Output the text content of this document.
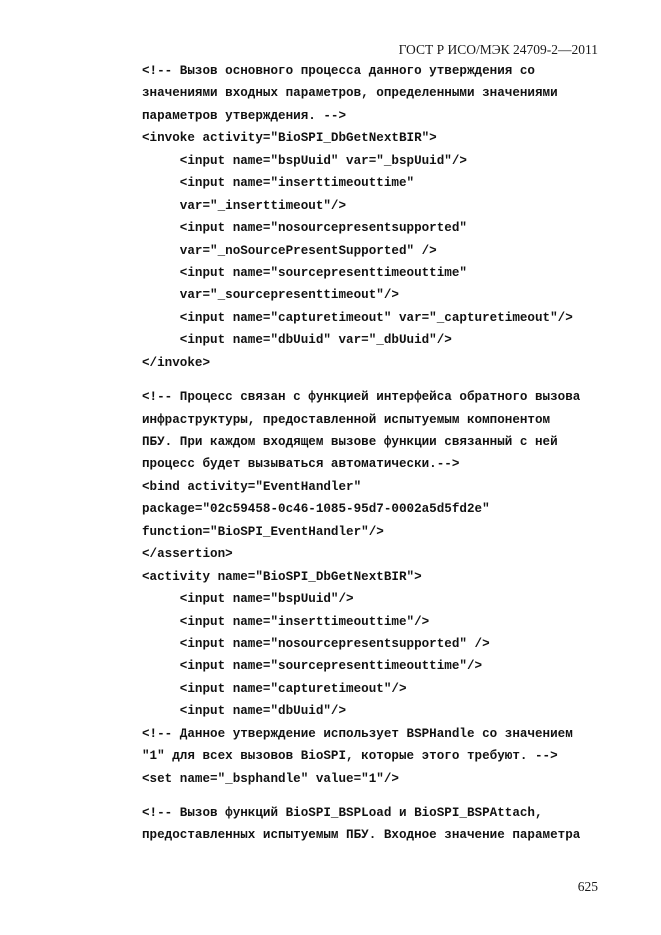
ГОСТ Р ИСО/МЭК 24709-2—2011
<!-- Вызов основного процесса данного утверждения со
значениями входных параметров, определенными значениями
параметров утверждения. -->
<invoke activity="BioSPI_DbGetNextBIR">
<input name="bspUuid" var="_bspUuid"/>
<input name="inserttimeouttime"
var="_inserttimeout"/>
<input name="nosourcepresentsupported"
var="_noSourcePresentSupported" />
<input name="sourcepresenttimeouttime"
var="_sourcepresenttimeout"/>
<input name="capturetimeout" var="_capturetimeout"/>
<input name="dbUuid" var="_dbUuid"/>
</invoke>
<!-- Процесс связан с функцией интерфейса обратного вызова
инфраструктуры, предоставленной испытуемым компонентом
ПБУ. При каждом входящем вызове функции связанный с ней
процесс будет вызываться автоматически.-->
<bind activity="EventHandler"
package="02c59458-0c46-1085-95d7-0002a5d5fd2e"
function="BioSPI_EventHandler"/>
</assertion>
<activity name="BioSPI_DbGetNextBIR">
<input name="bspUuid"/>
<input name="inserttimeouttime"/>
<input name="nosourcepresentsupported" />
<input name="sourcepresenttimeouttime"/>
<input name="capturetimeout"/>
<input name="dbUuid"/>
<!-- Данное утверждение использует BSPHandle со значением
"1" для всех вызовов BioSPI, которые этого требуют. -->
<set name="_bsphandle" value="1"/>
<!-- Вызов функций BioSPI_BSPLoad и BioSPI_BSPAttach,
предоставленных испытуемым ПБУ. Входное значение параметра
625
